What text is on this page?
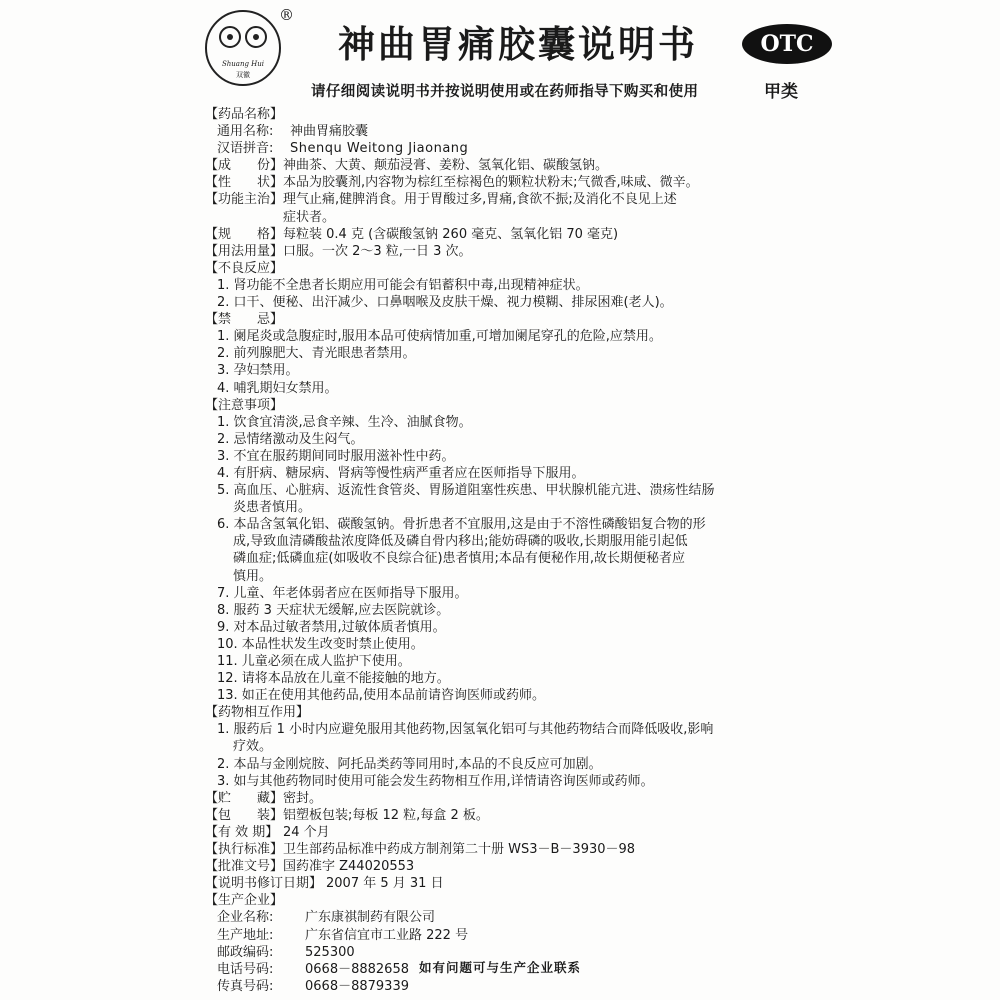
Shuang Hui
双徽
®
神曲胃痛胶囊说明书	OTC
甲类
请仔细阅读说明书并按说明使用或在药师指导下购买和使用
【药品名称】
通用名称: 神曲胃痛胶囊
汉语拼音: Shenqu Weitong Jiaonang
【成　　份】神曲茶、大黄、颠茄浸膏、姜粉、氢氧化铝、碳酸氢钠。
【性　　状】本品为胶囊剂,内容物为棕红至棕褐色的颗粒状粉末;气微香,味咸、微辛。
【功能主治】理气止痛,健脾消食。用于胃酸过多,胃痛,食欲不振;及消化不良见上述
症状者。
【规　　格】每粒装 0.4 克 (含碳酸氢钠 260 毫克、氢氧化铝 70 毫克)
【用法用量】口服。一次 2～3 粒,一日 3 次。
【不良反应】
1. 肾功能不全患者长期应用可能会有铝蓄积中毒,出现精神症状。
2. 口干、便秘、出汗减少、口鼻咽喉及皮肤干燥、视力模糊、排尿困难(老人)。
【禁　　忌】
1. 阑尾炎或急腹症时,服用本品可使病情加重,可增加阑尾穿孔的危险,应禁用。
2. 前列腺肥大、青光眼患者禁用。
3. 孕妇禁用。
4. 哺乳期妇女禁用。
【注意事项】
1. 饮食宜清淡,忌食辛辣、生冷、油腻食物。
2. 忌情绪激动及生闷气。
3. 不宜在服药期间同时服用滋补性中药。
4. 有肝病、糖尿病、肾病等慢性病严重者应在医师指导下服用。
5. 高血压、心脏病、返流性食管炎、胃肠道阻塞性疾患、甲状腺机能亢进、溃疡性结肠
炎患者慎用。
6. 本品含氢氧化铝、碳酸氢钠。骨折患者不宜服用,这是由于不溶性磷酸铝复合物的形
成,导致血清磷酸盐浓度降低及磷自骨内移出;能妨碍磷的吸收,长期服用能引起低
磷血症;低磷血症(如吸收不良综合征)患者慎用;本品有便秘作用,故长期便秘者应
慎用。
7. 儿童、年老体弱者应在医师指导下服用。
8. 服药 3 天症状无缓解,应去医院就诊。
9. 对本品过敏者禁用,过敏体质者慎用。
10. 本品性状发生改变时禁止使用。
11. 儿童必须在成人监护下使用。
12. 请将本品放在儿童不能接触的地方。
13. 如正在使用其他药品,使用本品前请咨询医师或药师。
【药物相互作用】
1. 服药后 1 小时内应避免服用其他药物,因氢氧化铝可与其他药物结合而降低吸收,影响
疗效。
2. 本品与金刚烷胺、阿托品类药等同用时,本品的不良反应可加剧。
3. 如与其他药物同时使用可能会发生药物相互作用,详情请咨询医师或药师。
【贮　　藏】密封。
【包　　装】铝塑板包装;每板 12 粒,每盒 2 板。
【有 效 期】 24 个月
【执行标准】卫生部药品标准中药成方制剂第二十册 WS3－B－3930－98
【批准文号】国药准字 Z44020553
【说明书修订日期】 2007 年 5 月 31 日
【生产企业】
企业名称: 广东康祺制药有限公司
生产地址: 广东省信宜市工业路 222 号
邮政编码: 525300
电话号码: 0668－8882658
传真号码: 0668－8879339
如有问题可与生产企业联系
